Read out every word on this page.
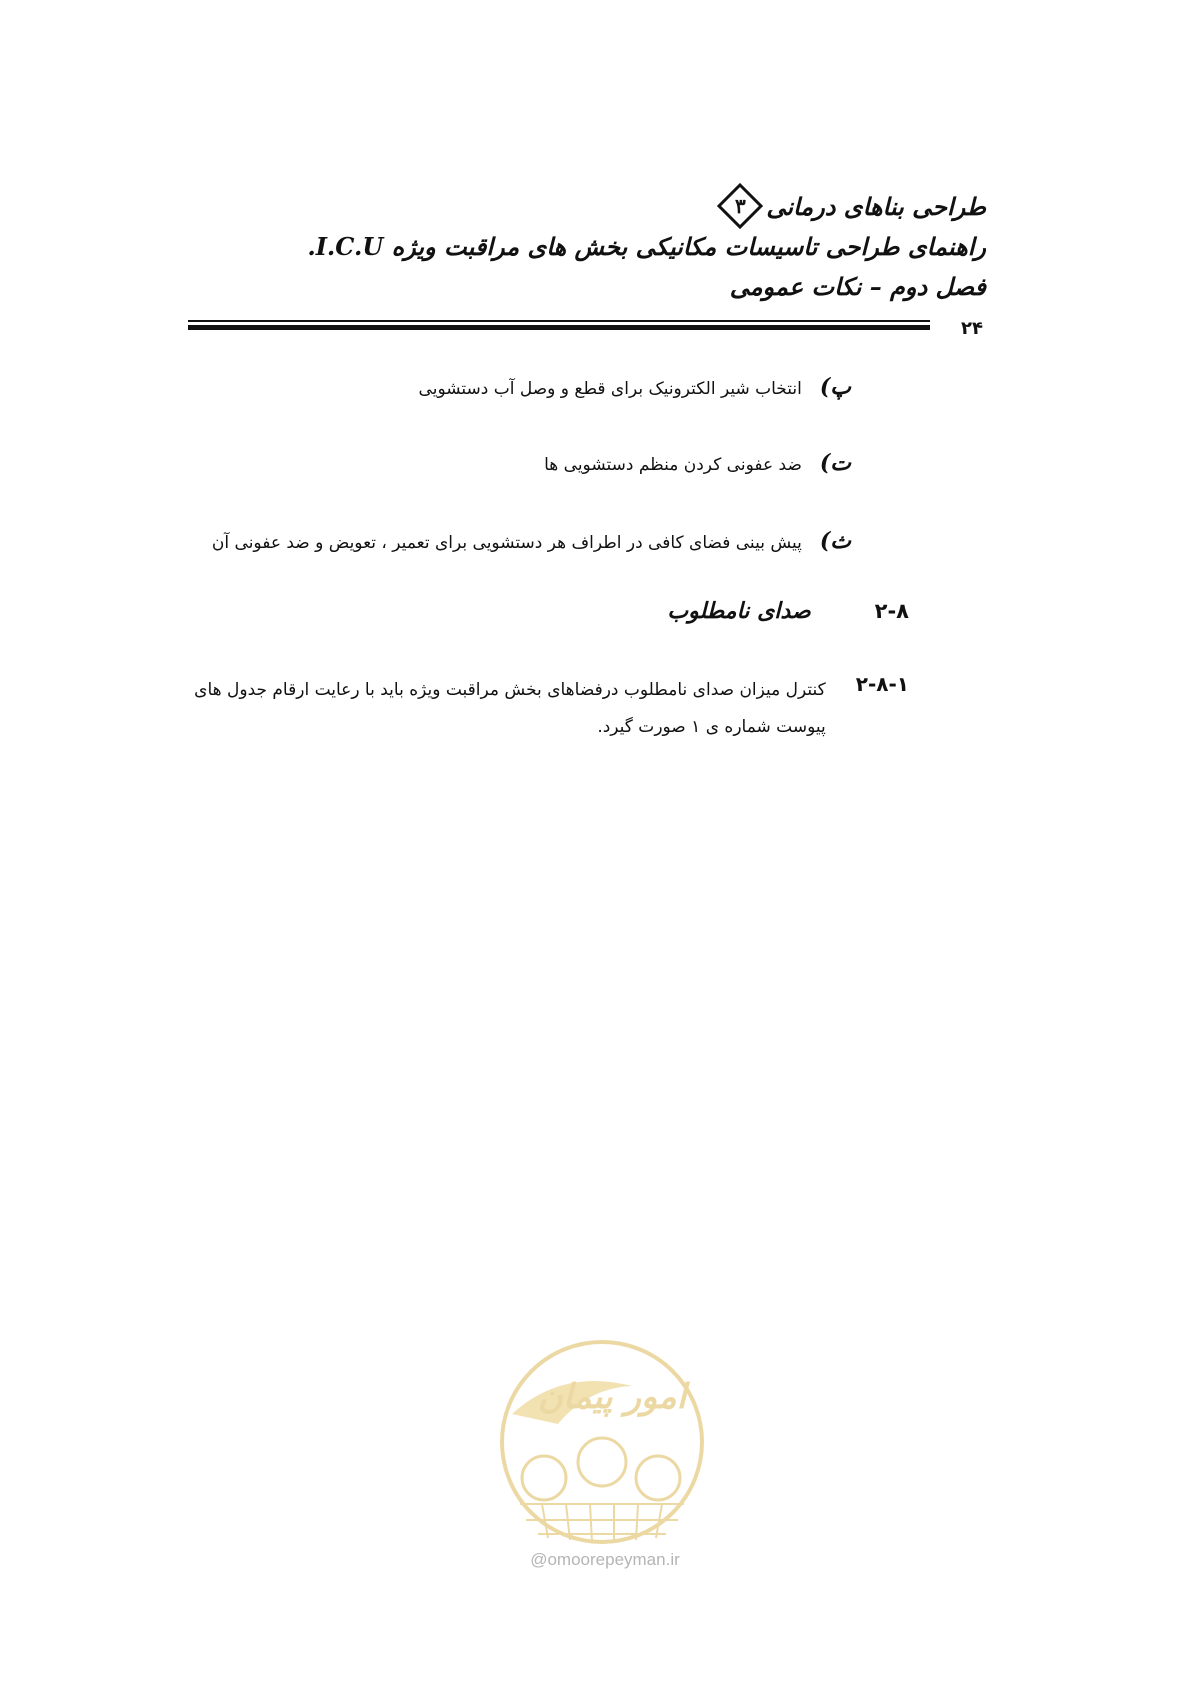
طراحی بناهای درمانی
۳
راهنمای طراحی تاسیسات مکانیکی بخش های مراقبت ویژه I.C.U.
فصل دوم – نکات عمومی
۲۴
پ)
انتخاب شیر الکترونیک برای قطع و وصل آب دستشویی
ت)
ضد عفونی کردن منظم دستشویی ها
ث)
پیش بینی فضای کافی در اطراف هر دستشویی برای تعمیر ، تعویض و ضد عفونی آن
۲-۸
صدای نامطلوب
۲-۸-۱
کنترل میزان صدای نامطلوب درفضاهای بخش مراقبت ویژه باید با رعایت ارقام جدول های
پیوست شماره ی ۱ صورت گیرد.
امور پیمان
@omoorepeyman.ir
